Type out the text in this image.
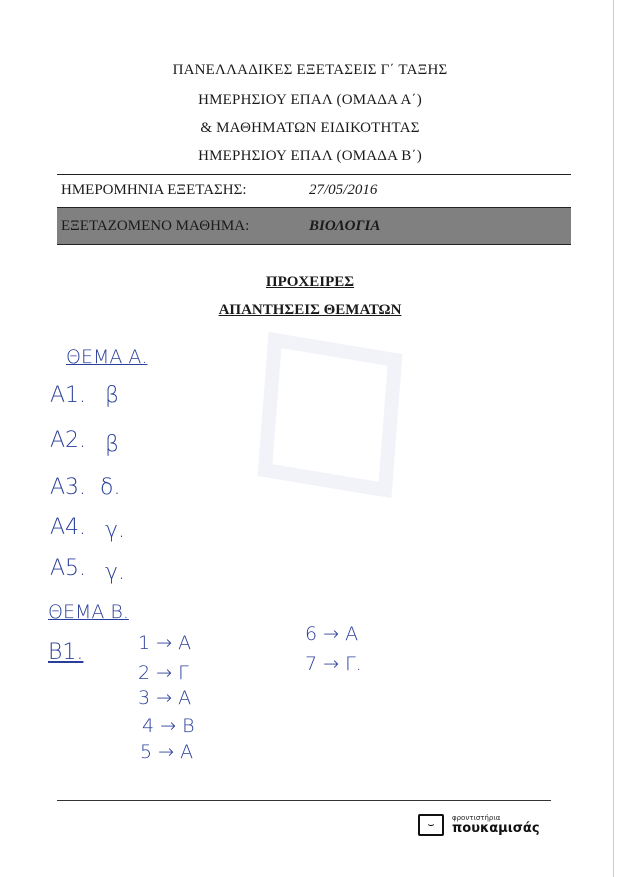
ΠΑΝΕΛΛΑΔΙΚΕΣ ΕΞΕΤΑΣΕΙΣ Γ΄ ΤΑΞΗΣ
ΗΜΕΡΗΣΙΟΥ ΕΠΑΛ (ΟΜΑΔΑ Α΄)
& ΜΑΘΗΜΑΤΩΝ ΕΙΔΙΚΟΤΗΤΑΣ
ΗΜΕΡΗΣΙΟΥ ΕΠΑΛ (ΟΜΑΔΑ Β΄)
ΗΜΕΡΟΜΗΝΙΑ ΕΞΕΤΑΣΗΣ:	27/05/2016
ΕΞΕΤΑΖΟΜΕΝΟ ΜΑΘΗΜΑ:	ΒΙΟΛΟΓΙΑ
ΠΡΟΧΕΙΡΕΣ
ΑΠΑΝΤΗΣΕΙΣ ΘΕΜΑΤΩΝ
ΘΕΜΑ Α.
Α1. β
Α2. β
Α3. δ.
Α4. γ.
Α5. γ.
ΘΕΜΑ Β.
Β1.	1 → Α
2 → Γ
3 → Α
4 → Β
5 → Α
6 → Α
7 → Γ.
⌣	φροντιστήρια
πουκαμισάς
